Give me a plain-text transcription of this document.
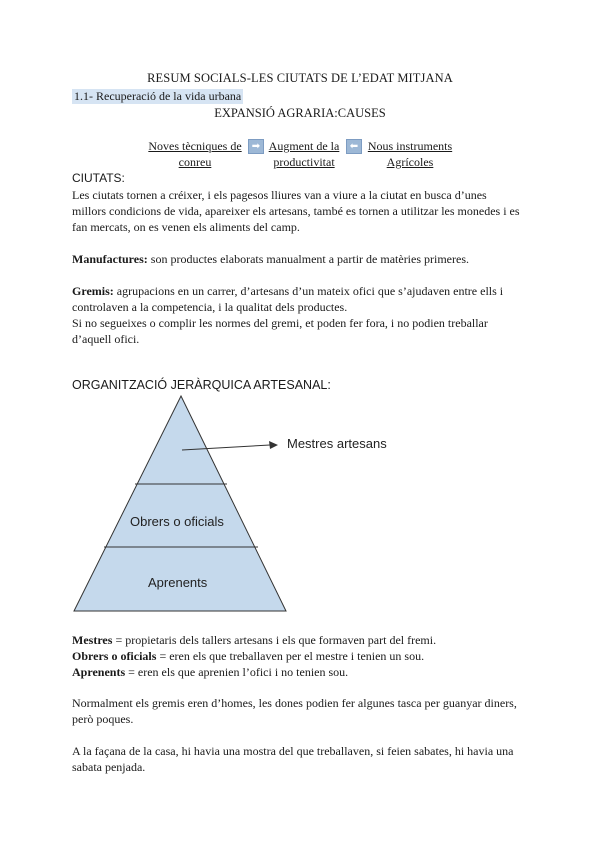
RESUM SOCIALS-LES CIUTATS DE L’EDAT MITJANA
1.1- Recuperació de la vida urbana
EXPANSIÓ AGRARIA:CAUSES
Noves tècniques de
conreu
➡ Augment de la
productivitat
⬅ Nous instruments
Agrícoles
CIUTATS:
Les ciutats tornen a créixer, i els pagesos lliures van a viure a la ciutat en busca d’unes
millors condicions de vida, apareixer els artesans, també es tornen a utilitzar les monedes i es
fan mercats, on es venen els aliments del camp.
Manufactures: son productes elaborats manualment a partir de matèries primeres.
Gremis: agrupacions en un carrer, d’artesans d’un mateix ofici que s’ajudaven entre ells i
controlaven a la competencia, i la qualitat dels productes.
Si no segueixes o complir les normes del gremi, et poden fer fora, i no podien treballar
d’aquell ofici.
ORGANITZACIÓ JERÀRQUICA ARTESANAL:
Mestres artesans
Obrers o oficials
Aprenents
Mestres = propietaris dels tallers artesans i els que formaven part del fremi.
Obrers o oficials = eren els que treballaven per el mestre i tenien un sou.
Aprenents = eren els que aprenien l’ofici i no tenien sou.
Normalment els gremis eren d’homes, les dones podien fer algunes tasca per guanyar diners,
però poques.
A la façana de la casa, hi havia una mostra del que treballaven, si feien sabates, hi havia una
sabata penjada.
